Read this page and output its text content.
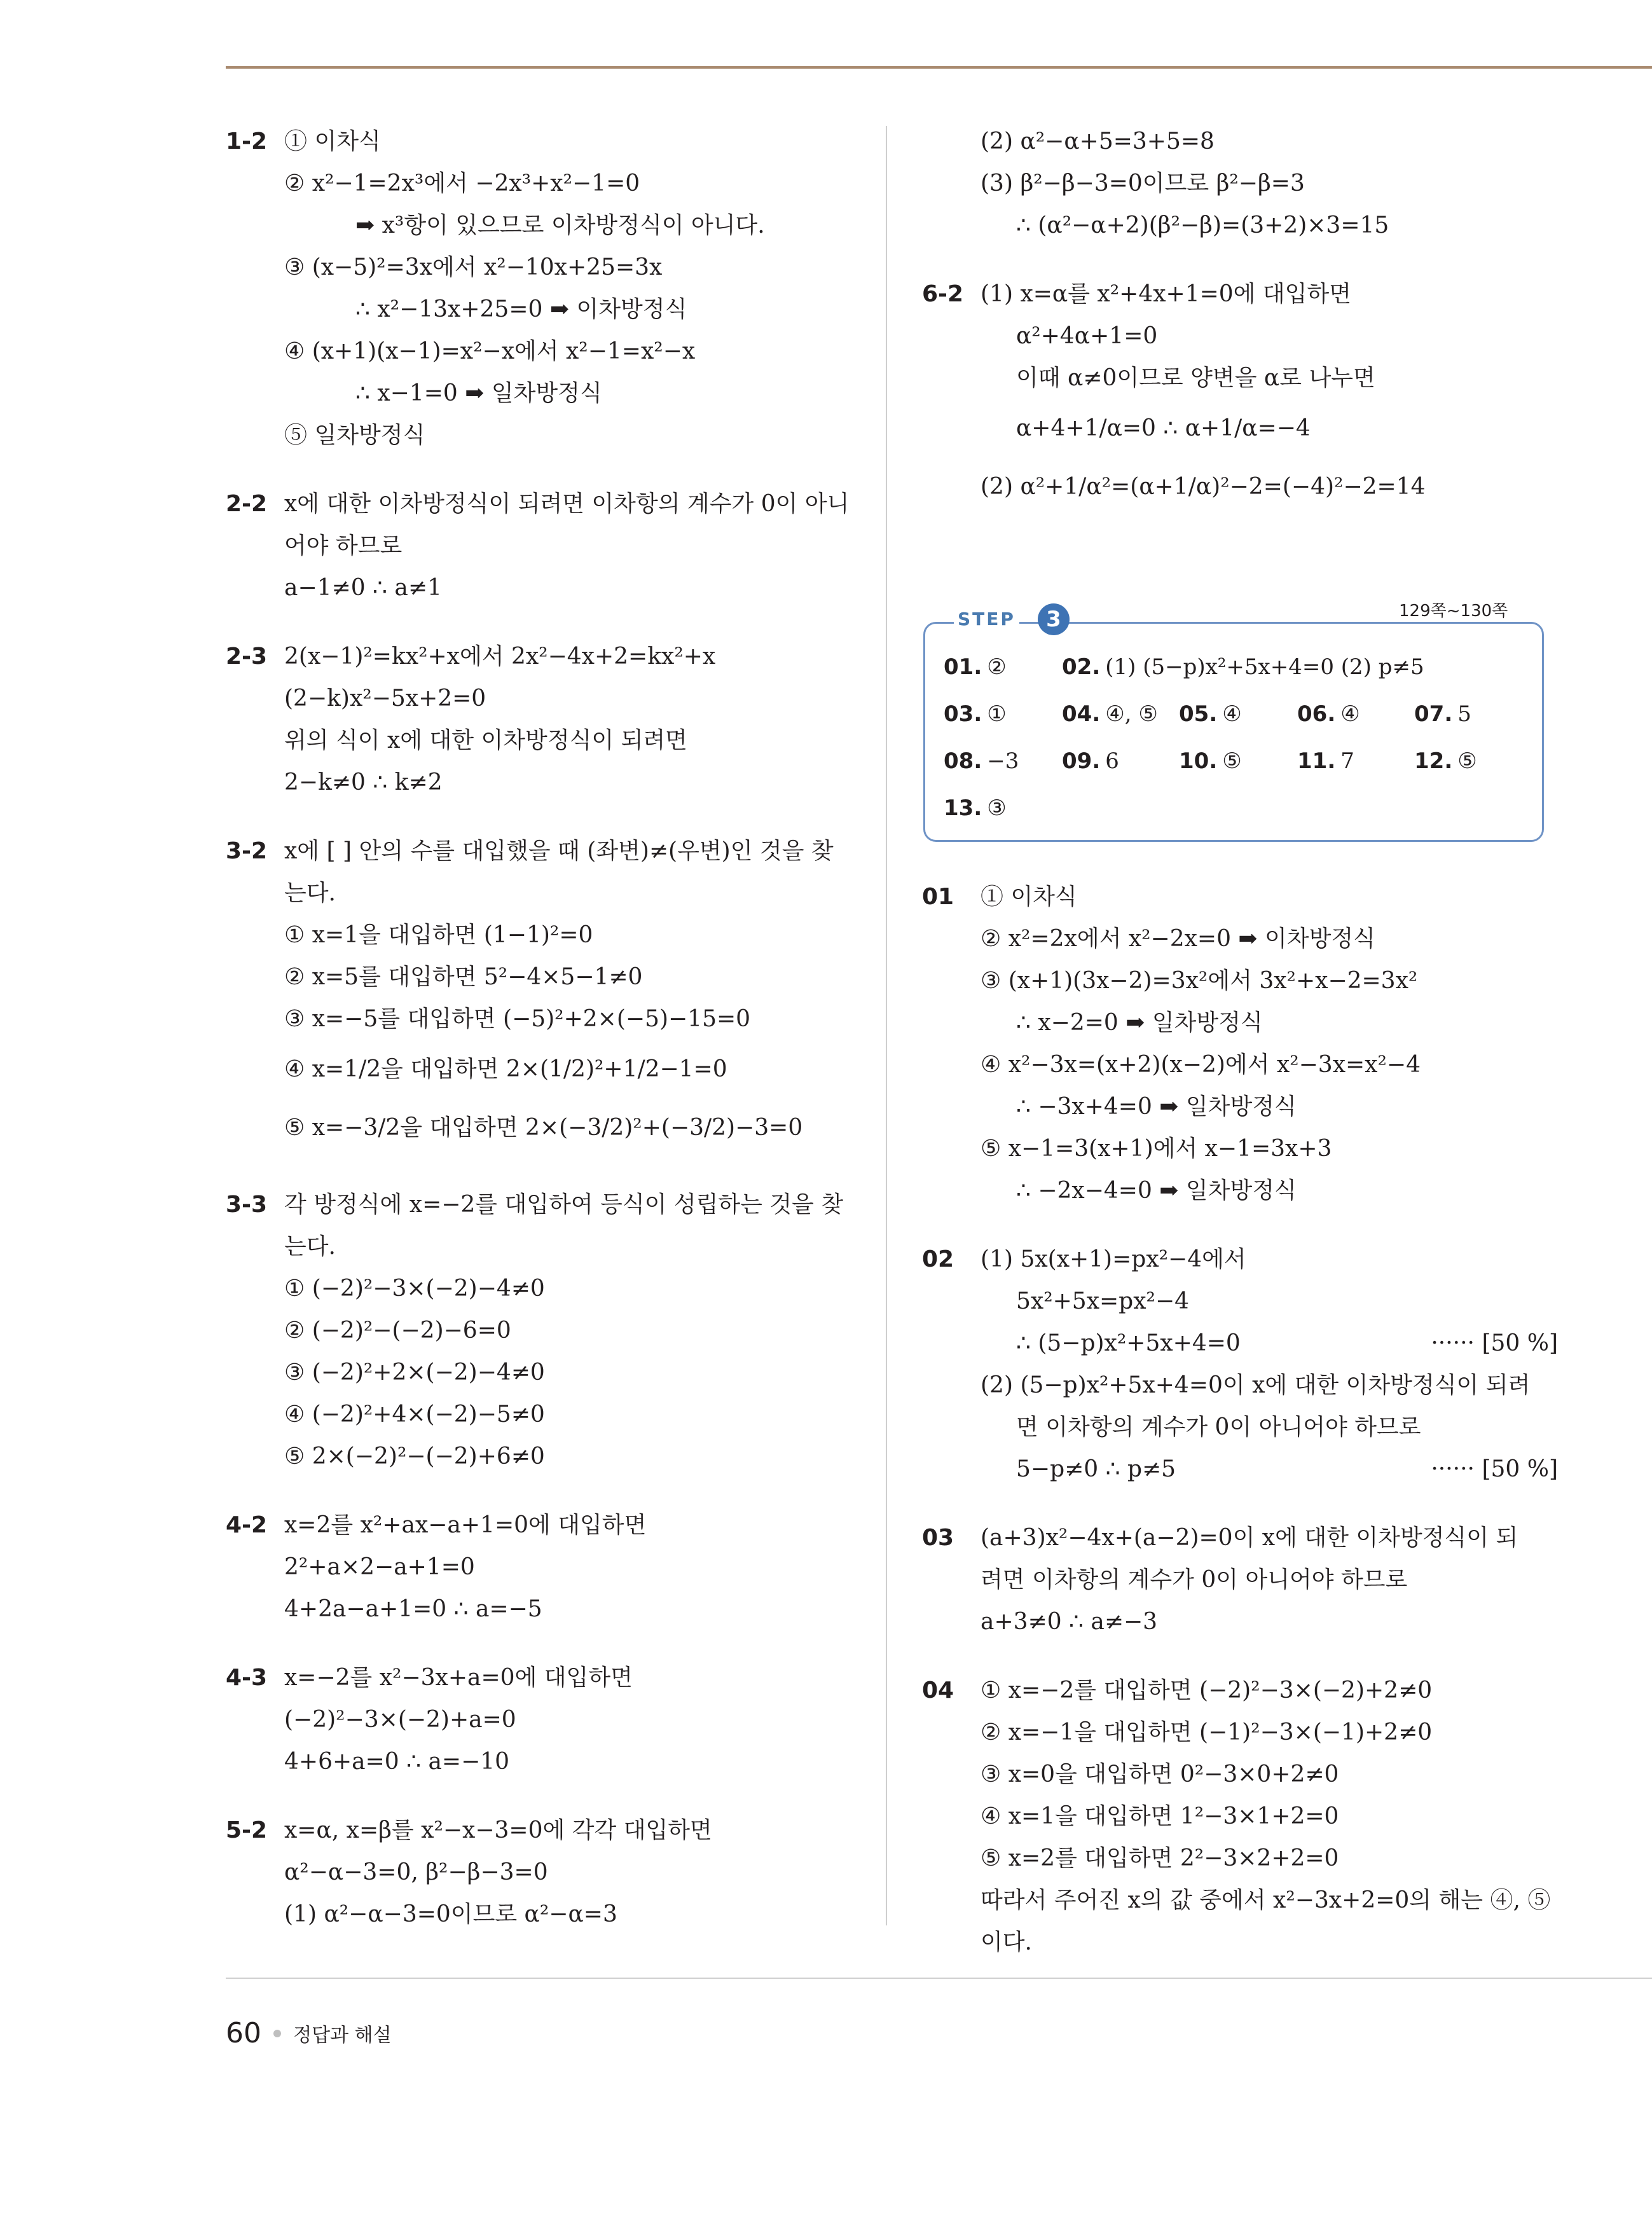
1-2 ① 이차식
② x²−1=2x³에서 −2x³+x²−1=0
➡ x³항이 있으므로 이차방정식이 아니다.
③ (x−5)²=3x에서 x²−10x+25=3x
∴ x²−13x+25=0 ➡ 이차방정식
④ (x+1)(x−1)=x²−x에서 x²−1=x²−x
∴ x−1=0 ➡ 일차방정식
⑤ 일차방정식
2-2 x에 대한 이차방정식이 되려면 이차항의 계수가 0이 아니
어야 하므로
a−1≠0 ∴ a≠1
2-3 2(x−1)²=kx²+x에서 2x²−4x+2=kx²+x
(2−k)x²−5x+2=0
위의 식이 x에 대한 이차방정식이 되려면
2−k≠0 ∴ k≠2
3-2 x에 [ ] 안의 수를 대입했을 때 (좌변)≠(우변)인 것을 찾
는다.
① x=1을 대입하면 (1−1)²=0
② x=5를 대입하면 5²−4×5−1≠0
③ x=−5를 대입하면 (−5)²+2×(−5)−15=0
④ x=1/2을 대입하면 2×(1/2)²+1/2−1=0
⑤ x=−3/2을 대입하면 2×(−3/2)²+(−3/2)−3=0
3-3 각 방정식에 x=−2를 대입하여 등식이 성립하는 것을 찾
는다.
① (−2)²−3×(−2)−4≠0
② (−2)²−(−2)−6=0
③ (−2)²+2×(−2)−4≠0
④ (−2)²+4×(−2)−5≠0
⑤ 2×(−2)²−(−2)+6≠0
4-2 x=2를 x²+ax−a+1=0에 대입하면
2²+a×2−a+1=0
4+2a−a+1=0 ∴ a=−5
4-3 x=−2를 x²−3x+a=0에 대입하면
(−2)²−3×(−2)+a=0
4+6+a=0 ∴ a=−10
5-2 x=α, x=β를 x²−x−3=0에 각각 대입하면
α²−α−3=0, β²−β−3=0
(1) α²−α−3=0이므로 α²−α=3
(2) α²−α+5=3+5=8
(3) β²−β−3=0이므로 β²−β=3
∴ (α²−α+2)(β²−β)=(3+2)×3=15
6-2 (1) x=α를 x²+4x+1=0에 대입하면
α²+4α+1=0
이때 α≠0이므로 양변을 α로 나누면
α+4+1/α=0 ∴ α+1/α=−4
(2) α²+1/α²=(α+1/α)²−2=(−4)²−2=14
STEP	3	129쪽~130쪽
01. ②	02. (1) (5−p)x²+5x+4=0 (2) p≠5
03. ①	04. ④, ⑤ 05. ④	06. ④	07. 5
08. −3 09. 6	10. ⑤	11. 7	12. ⑤
13. ③
01 ① 이차식
② x²=2x에서 x²−2x=0 ➡ 이차방정식
③ (x+1)(3x−2)=3x²에서 3x²+x−2=3x²
∴ x−2=0 ➡ 일차방정식
④ x²−3x=(x+2)(x−2)에서 x²−3x=x²−4
∴ −3x+4=0 ➡ 일차방정식
⑤ x−1=3(x+1)에서 x−1=3x+3
∴ −2x−4=0 ➡ 일차방정식
02 (1) 5x(x+1)=px²−4에서
5x²+5x=px²−4
∴ (5−p)x²+5x+4=0	······ [50 %]
(2) (5−p)x²+5x+4=0이 x에 대한 이차방정식이 되려
면 이차항의 계수가 0이 아니어야 하므로
5−p≠0 ∴ p≠5	······ [50 %]
03 (a+3)x²−4x+(a−2)=0이 x에 대한 이차방정식이 되
려면 이차항의 계수가 0이 아니어야 하므로
a+3≠0 ∴ a≠−3
04 ① x=−2를 대입하면 (−2)²−3×(−2)+2≠0
② x=−1을 대입하면 (−1)²−3×(−1)+2≠0
③ x=0을 대입하면 0²−3×0+2≠0
④ x=1을 대입하면 1²−3×1+2=0
⑤ x=2를 대입하면 2²−3×2+2=0
따라서 주어진 x의 값 중에서 x²−3x+2=0의 해는 ④, ⑤
이다.
60 정답과 해설
